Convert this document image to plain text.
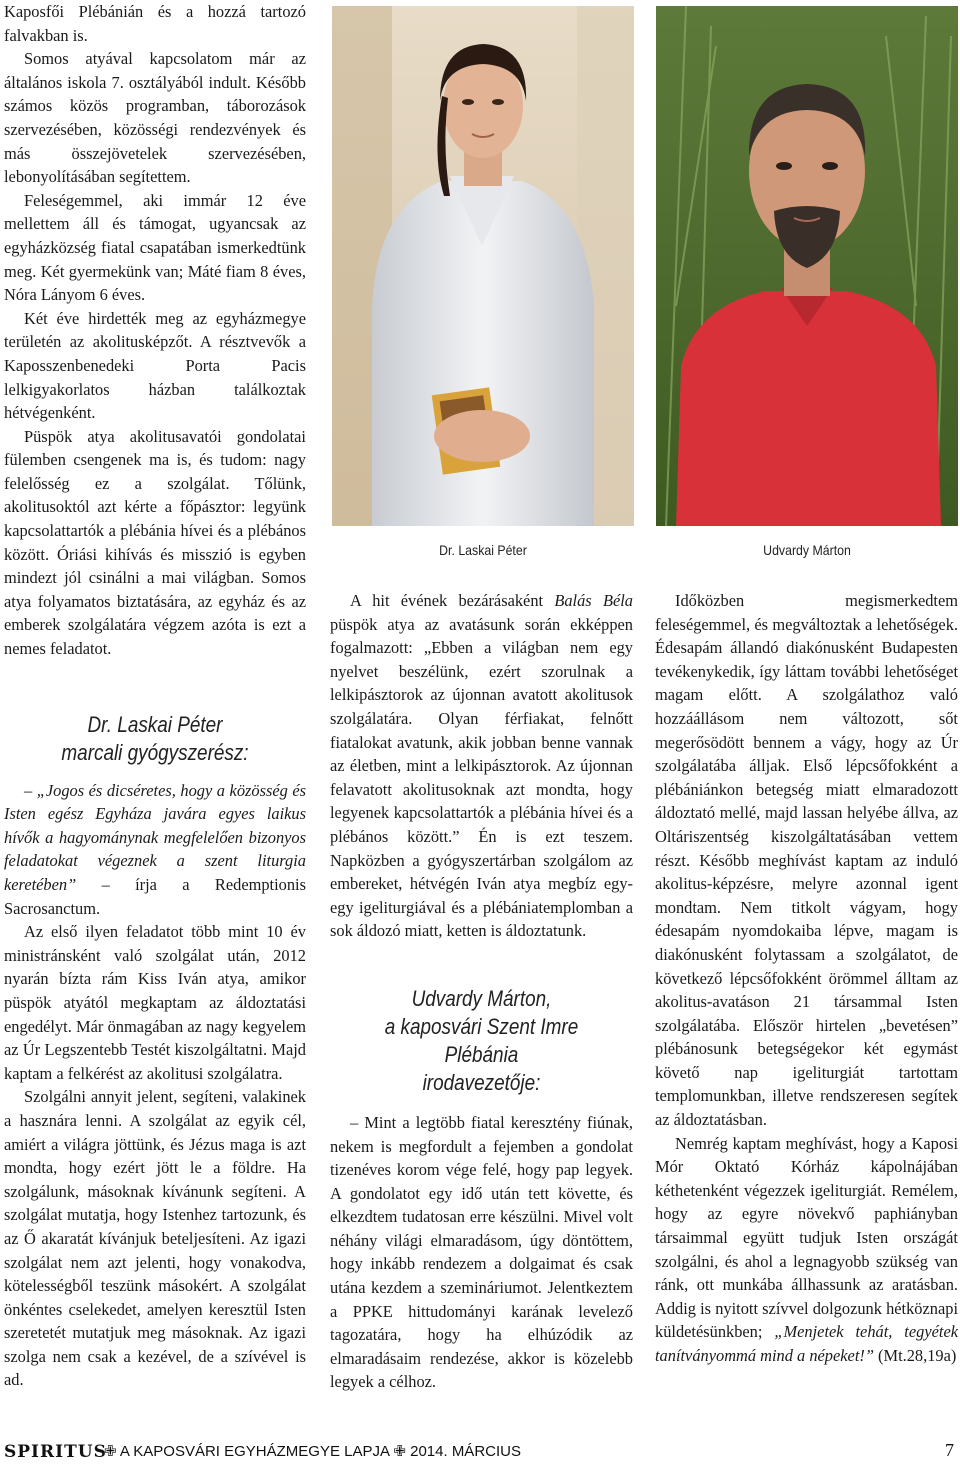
Kaposfői Plébánián és a hozzá tartozó falvakban is.

Somos atyával kapcsolatom már az általános iskola 7. osztályából indult. Később számos közös programban, táborozások szervezésében, közösségi rendezvények és más összejövetelek szervezésében, lebonyolításában segítettem.

Feleségemmel, aki immár 12 éve mellettem áll és támogat, ugyancsak az egyházközség fiatal csapatában ismerkedtünk meg. Két gyermekünk van; Máté fiam 8 éves, Nóra Lányom 6 éves.

Két éve hirdették meg az egyházmegye területén az akolitusképzőt. A résztvevők a Kaposszenbenedeki Porta Pacis lelkigyakorlatos házban találkoztak hétvégenként.

Püspök atya akolitusavatói gondolatai fülemben csengenek ma is, és tudom: nagy felelősség ez a szolgálat. Tőlünk, akolitusoktól azt kérte a főpásztor: legyünk kapcsolattartók a plébánia hívei és a plébános között. Óriási kihívás és misszió is egyben mindezt jól csinálni a mai világban. Somos atya folyamatos biztatására, az egyház és az emberek szolgálatára végzem azóta is ezt a nemes feladatot.

Dr. Laskai Péter
marcali gyógyszerész:

– „Jogos és dicséretes, hogy a közösség és Isten egész Egyháza javára egyes laikus hívők a hagyománynak megfelelően bizonyos feladatokat végeznek a szent liturgia keretében” – írja a Redemptionis Sacrosanctum.

Az első ilyen feladatot több mint 10 év ministránsként való szolgálat után, 2012 nyarán bízta rám Kiss Iván atya, amikor püspök atyától megkaptam az áldoztatási engedélyt. Már önmagában az nagy kegyelem az Úr Legszentebb Testét kiszolgáltatni. Majd kaptam a felkérést az akolitusi szolgálatra.

Szolgálni annyit jelent, segíteni, valakinek a hasznára lenni. A szolgálat az egyik cél, amiért a világra jöttünk, és Jézus maga is azt mondta, hogy ezért jött le a földre. Ha szolgálunk, másoknak kívánunk segíteni. A szolgálat mutatja, hogy Istenhez tartozunk, és az Ő akaratát kívánjuk beteljesíteni. Az igazi szolgálat nem azt jelenti, hogy vonakodva, kötelességből teszünk másokért. A szolgálat önkéntes cselekedet, amelyen keresztül Isten szeretetét mutatjuk meg másoknak. Az igazi szolga nem csak a kezével, de a szívével is ad.

Dr. Laskai Péter	Udvardy Márton

A hit évének bezárásaként Balás Béla püspök atya az avatásunk során ekképpen fogalmazott: „Ebben a világban nem egy nyelvet beszélünk, ezért szorulnak a lelkipásztorok az újonnan avatott akolitusok szolgálatára. Olyan férfiakat, felnőtt fiatalokat avatunk, akik jobban benne vannak az életben, mint a lelkipásztorok. Az újonnan felavatott akolitusoknak azt mondta, hogy legyenek kapcsolattartók a plébánia hívei és a plébános között.” Én is ezt teszem. Napközben a gyógyszertárban szolgálom az embereket, hétvégén Iván atya megbíz egy-egy igeliturgiával és a plébániatemplomban a sok áldozó miatt, ketten is áldoztatunk.

Udvardy Márton,
a kaposvári Szent Imre Plébánia
irodavezetője:

– Mint a legtöbb fiatal keresztény fiúnak, nekem is megfordult a fejemben a gondolat tizenéves korom vége felé, hogy pap legyek. A gondolatot egy idő után tett követte, és elkezdtem tudatosan erre készülni. Mivel volt néhány világi elmaradásom, úgy döntöttem, hogy inkább rendezem a dolgaimat és csak utána kezdem a szemináriumot. Jelentkeztem a PPKE hittudományi karának levelező tagozatára, hogy ha elhúzódik az elmaradásaim rendezése, akkor is közelebb legyek a célhoz.

Időközben megismerkedtem feleségemmel, és megváltoztak a lehetőségek. Édesapám állandó diakónusként Budapesten tevékenykedik, így láttam további lehetőséget magam előtt. A szolgálathoz való hozzáállásom nem változott, sőt megerősödött bennem a vágy, hogy az Úr szolgálatába álljak. Első lépcsőfokként a plébániánkon betegség miatt elmaradozott áldoztató mellé, majd lassan helyébe állva, az Oltáriszentség kiszolgáltatásában vettem részt. Később meghívást kaptam az induló akolitus-képzésre, melyre azonnal igent mondtam. Nem titkolt vágyam, hogy édesapám nyomdokaiba lépve, magam is diakónusként folytassam a szolgálatot, de következő lépcsőfokként örömmel álltam az akolitus-avatáson 21 társammal Isten szolgálatába. Először hirtelen „bevetésen” plébánosunk betegségekor két egymást követő nap igeliturgiát tartottam templomunkban, illetve rendszeresen segítek az áldoztatásban.

Nemrég kaptam meghívást, hogy a Kaposi Mór Oktató Kórház kápolnájában kéthetenként végezzek igeliturgiát. Remélem, hogy az egyre növekvő paphiányban társaimmal együtt tudjuk Isten országát szolgálni, és ahol a legnagyobb szükség van ránk, ott munkába állhassunk az aratásban. Addig is nyitott szívvel dolgozunk hétköznapi küldetésünkben; „Menjetek tehát, tegyétek tanítványommá mind a népeket!” (Mt.28,19a)

SPIRITUS
✙ A KAPOSVÁRI EGYHÁZMEGYE LAPJA ✙ 2014. MÁRCIUS	7
